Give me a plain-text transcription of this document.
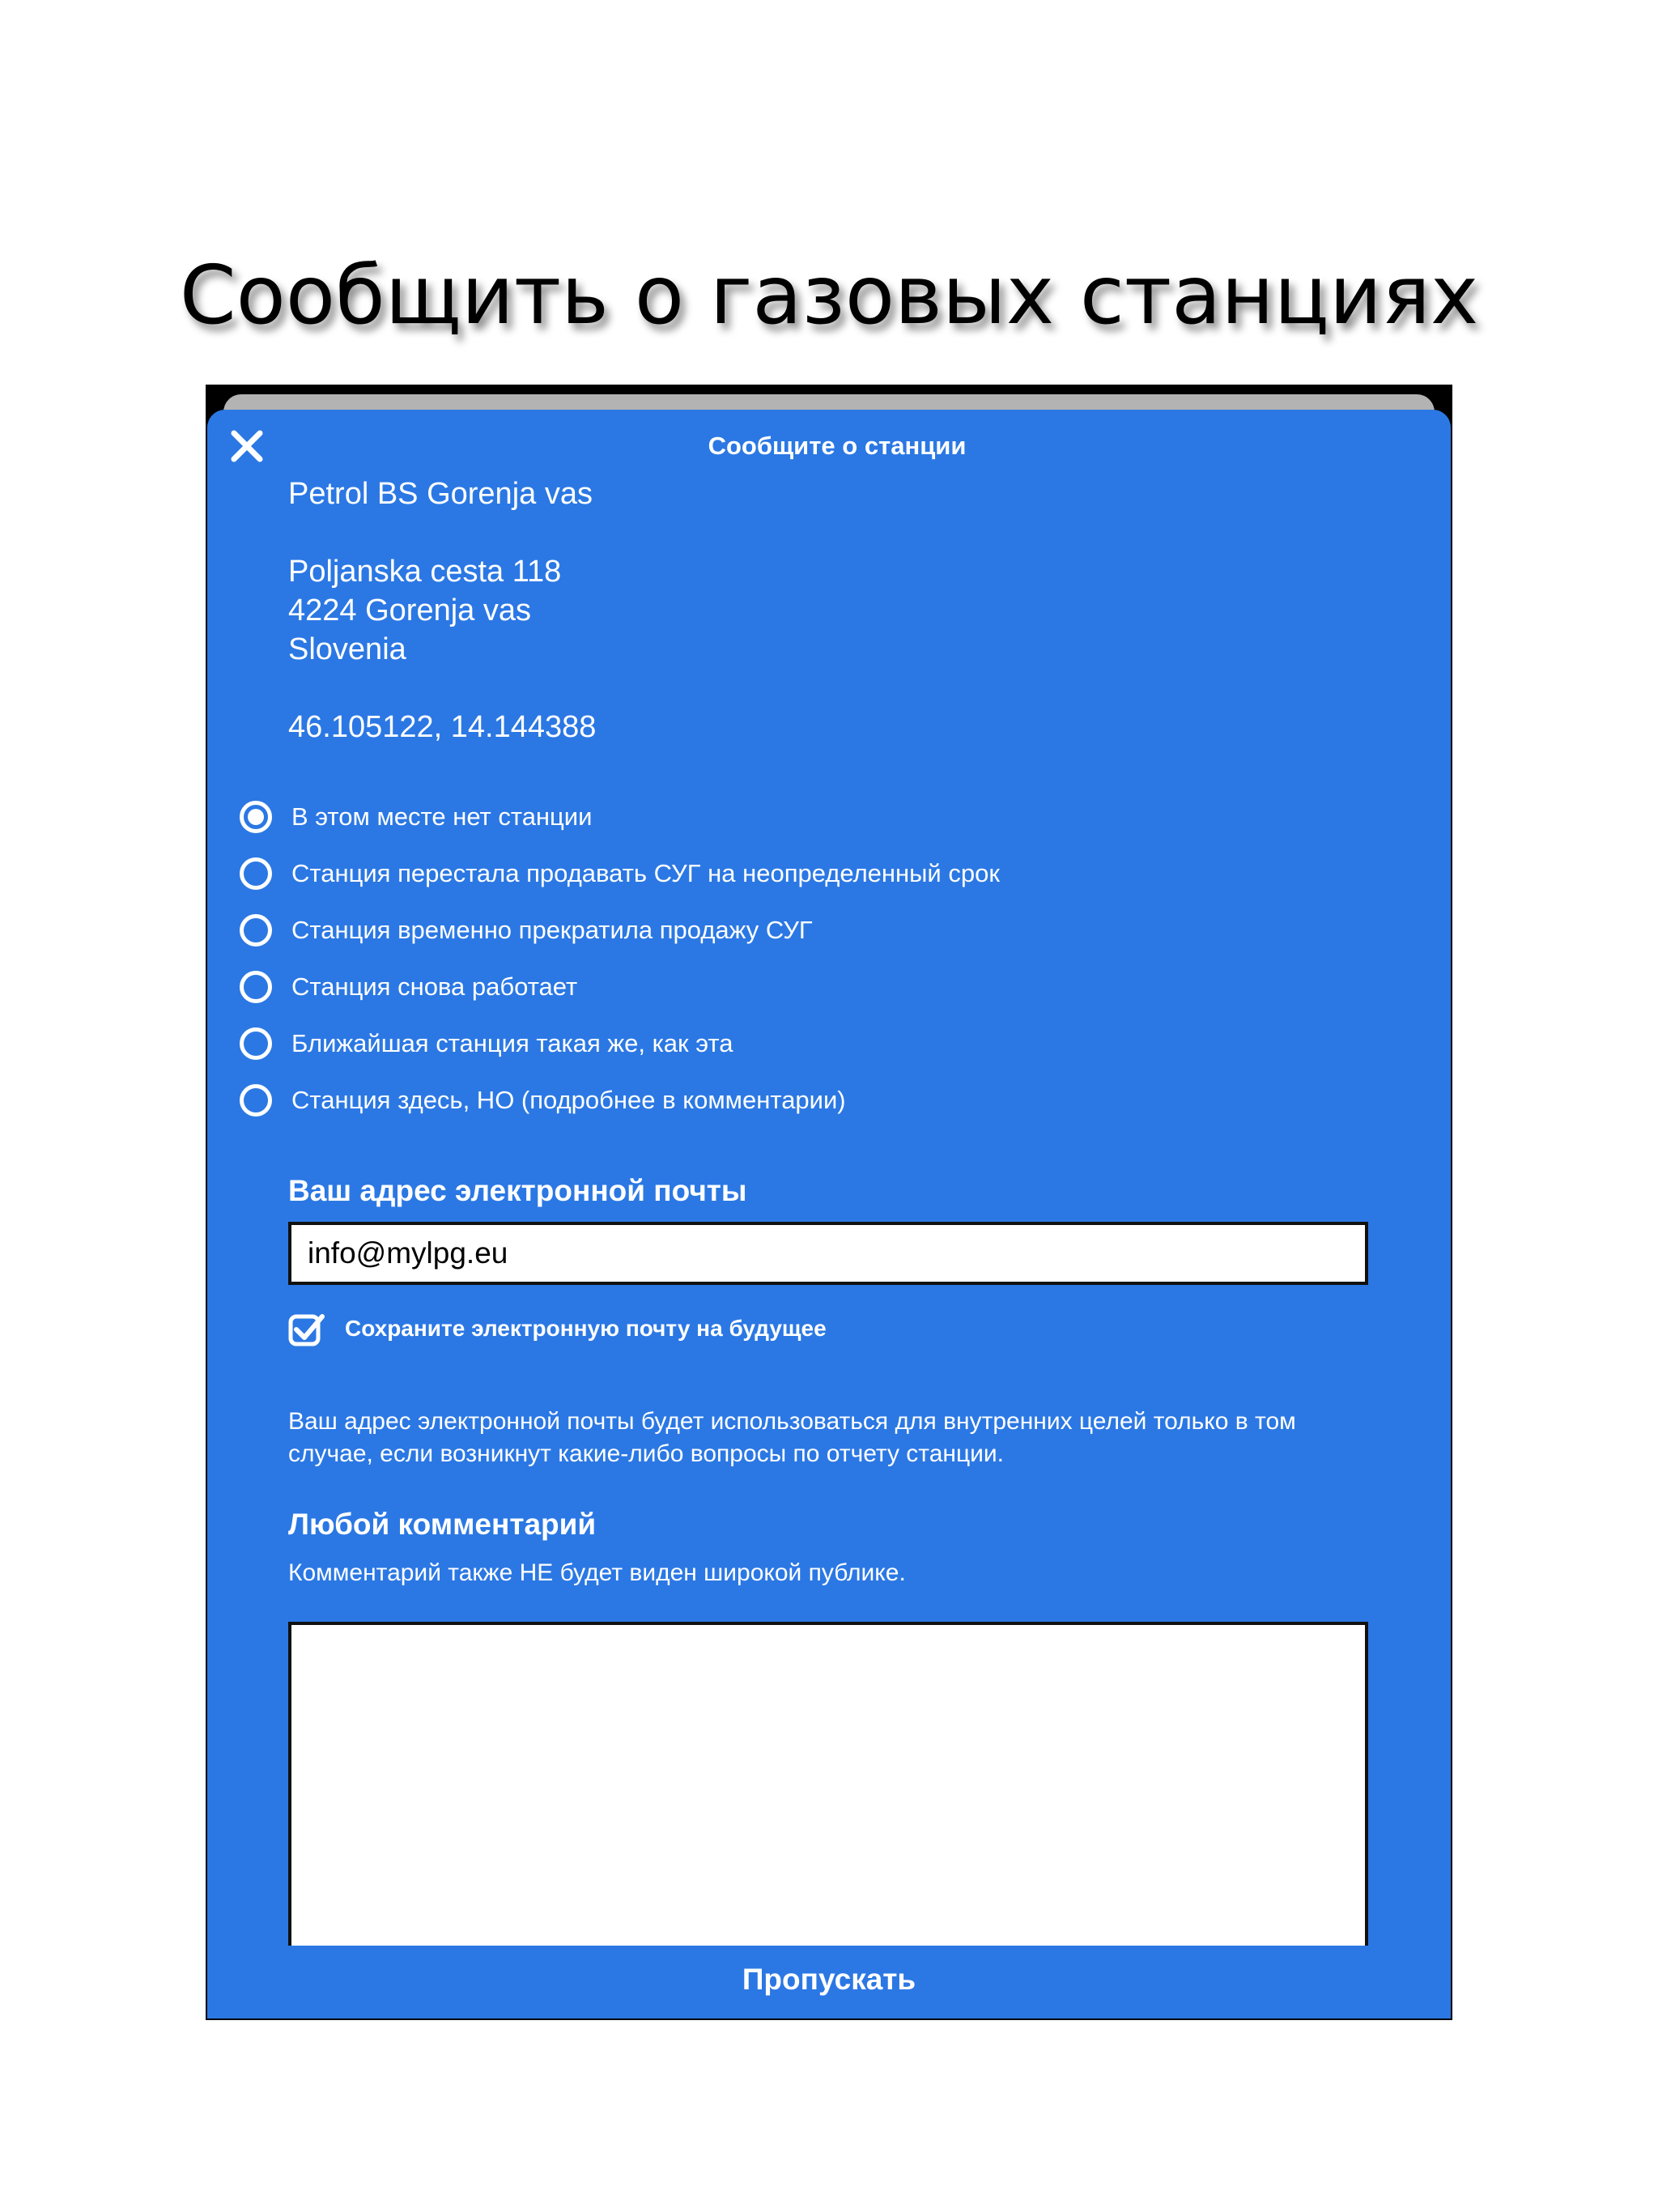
Сообщить о газовых станциях
Сообщите о станции
Petrol BS Gorenja vas
Poljanska cesta 118
4224 Gorenja vas
Slovenia
46.105122, 14.144388
В этом месте нет станции
Станция перестала продавать СУГ на неопределенный срок
Станция временно прекратила продажу СУГ
Станция снова работает
Ближайшая станция такая же, как эта
Станция здесь, НО (подробнее в комментарии)
Ваш адрес электронной почты
info@mylpg.eu
Сохраните электронную почту на будущее
Ваш адрес электронной почты будет использоваться для внутренних целей только в том случае, если возникнут какие-либо вопросы по отчету станции.
Любой комментарий
Комментарий также НЕ будет виден широкой публике.
Пропускать
